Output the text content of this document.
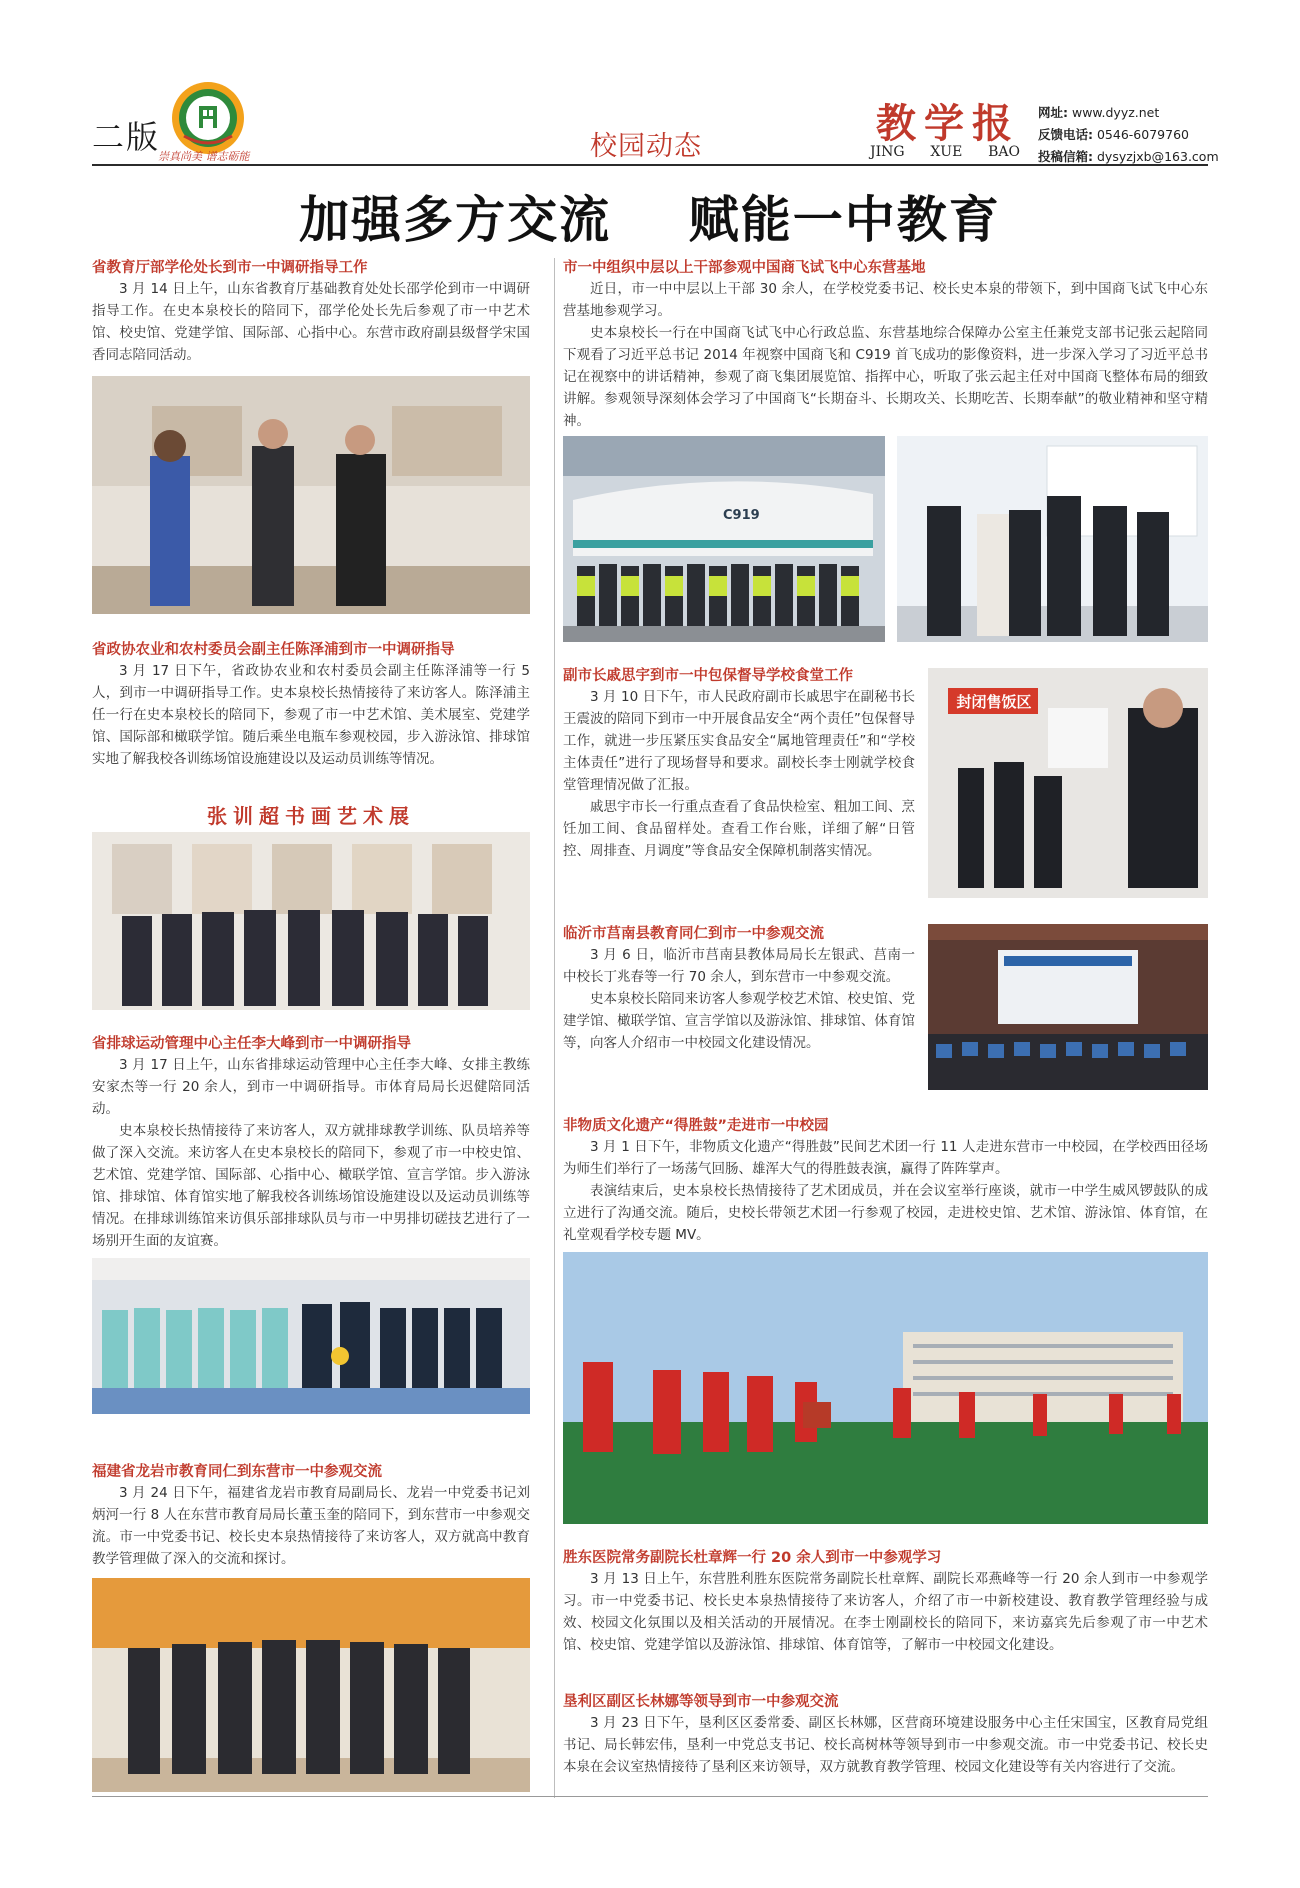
二版
崇真尚美 谱志砺能	校园动态	教学报
JING XUE BAO
网址: www.dyyz.net
反馈电话: 0546-6079760
投稿信箱: dysyzjxb@163.com
加强多方交流    赋能一中教育
省教育厅部学伦处长到市一中调研指导工作

3 月 14 日上午，山东省教育厅基础教育处处长邵学伦到市一中调研指导工作。在史本泉校长的陪同下，邵学伦处长先后参观了市一中艺术馆、校史馆、党建学馆、国际部、心指中心。东营市政府副县级督学宋国香同志陪同活动。

省政协农业和农村委员会副主任陈泽浦到市一中调研指导

3 月 17 日下午，省政协农业和农村委员会副主任陈泽浦等一行 5 人，到市一中调研指导工作。史本泉校长热情接待了来访客人。陈泽浦主任一行在史本泉校长的陪同下，参观了市一中艺术馆、美术展室、党建学馆、国际部和橄联学馆。随后乘坐电瓶车参观校园，步入游泳馆、排球馆实地了解我校各训练场馆设施建设以及运动员训练等情况。

张训超书画艺术展
省排球运动管理中心主任李大峰到市一中调研指导

3 月 17 日上午，山东省排球运动管理中心主任李大峰、女排主教练安家杰等一行 20 余人，到市一中调研指导。市体育局局长迟健陪同活动。

史本泉校长热情接待了来访客人，双方就排球教学训练、队员培养等做了深入交流。来访客人在史本泉校长的陪同下，参观了市一中校史馆、艺术馆、党建学馆、国际部、心指中心、橄联学馆、宣言学馆。步入游泳馆、排球馆、体育馆实地了解我校各训练场馆设施建设以及运动员训练等情况。在排球训练馆来访俱乐部排球队员与市一中男排切磋技艺进行了一场别开生面的友谊赛。

福建省龙岩市教育同仁到东营市一中参观交流

3 月 24 日下午，福建省龙岩市教育局副局长、龙岩一中党委书记刘炳河一行 8 人在东营市教育局局长董玉奎的陪同下，到东营市一中参观交流。市一中党委书记、校长史本泉热情接待了来访客人，双方就高中教育教学管理做了深入的交流和探讨。

市一中组织中层以上干部参观中国商飞试飞中心东营基地

近日，市一中中层以上干部 30 余人，在学校党委书记、校长史本泉的带领下，到中国商飞试飞中心东营基地参观学习。

史本泉校长一行在中国商飞试飞中心行政总监、东营基地综合保障办公室主任兼党支部书记张云起陪同下观看了习近平总书记 2014 年视察中国商飞和 C919 首飞成功的影像资料，进一步深入学习了习近平总书记在视察中的讲话精神，参观了商飞集团展览馆、指挥中心，听取了张云起主任对中国商飞整体布局的细致讲解。参观领导深刻体会学习了中国商飞“长期奋斗、长期攻关、长期吃苦、长期奉献”的敬业精神和坚守精神。

C919
副市长戚思宇到市一中包保督导学校食堂工作

3 月 10 日下午，市人民政府副市长戚思宇在副秘书长王震波的陪同下到市一中开展食品安全“两个责任”包保督导工作，就进一步压紧压实食品安全“属地管理责任”和“学校主体责任”进行了现场督导和要求。副校长李士刚就学校食堂管理情况做了汇报。

戚思宇市长一行重点查看了食品快检室、粗加工间、烹饪加工间、食品留样处。查看工作台账，详细了解“日管控、周排查、月调度”等食品安全保障机制落实情况。

封闭售饭区
临沂市莒南县教育同仁到市一中参观交流

3 月 6 日，临沂市莒南县教体局局长左银武、莒南一中校长丁兆春等一行 70 余人，到东营市一中参观交流。

史本泉校长陪同来访客人参观学校艺术馆、校史馆、党建学馆、橄联学馆、宣言学馆以及游泳馆、排球馆、体育馆等，向客人介绍市一中校园文化建设情况。

非物质文化遗产“得胜鼓”走进市一中校园

3 月 1 日下午，非物质文化遗产“得胜鼓”民间艺术团一行 11 人走进东营市一中校园，在学校西田径场为师生们举行了一场荡气回肠、雄浑大气的得胜鼓表演，赢得了阵阵掌声。

表演结束后，史本泉校长热情接待了艺术团成员，并在会议室举行座谈，就市一中学生威风锣鼓队的成立进行了沟通交流。随后，史校长带领艺术团一行参观了校园，走进校史馆、艺术馆、游泳馆、体育馆，在礼堂观看学校专题 MV。

胜东医院常务副院长杜章辉一行 20 余人到市一中参观学习

3 月 13 日上午，东营胜利胜东医院常务副院长杜章辉、副院长邓燕峰等一行 20 余人到市一中参观学习。市一中党委书记、校长史本泉热情接待了来访客人，介绍了市一中新校建设、教育教学管理经验与成效、校园文化氛围以及相关活动的开展情况。在李士刚副校长的陪同下，来访嘉宾先后参观了市一中艺术馆、校史馆、党建学馆以及游泳馆、排球馆、体育馆等，了解市一中校园文化建设。

垦利区副区长林娜等领导到市一中参观交流

3 月 23 日下午，垦利区区委常委、副区长林娜，区营商环境建设服务中心主任宋国宝，区教育局党组书记、局长韩宏伟，垦利一中党总支书记、校长高树林等领导到市一中参观交流。市一中党委书记、校长史本泉在会议室热情接待了垦利区来访领导，双方就教育教学管理、校园文化建设等有关内容进行了交流。
